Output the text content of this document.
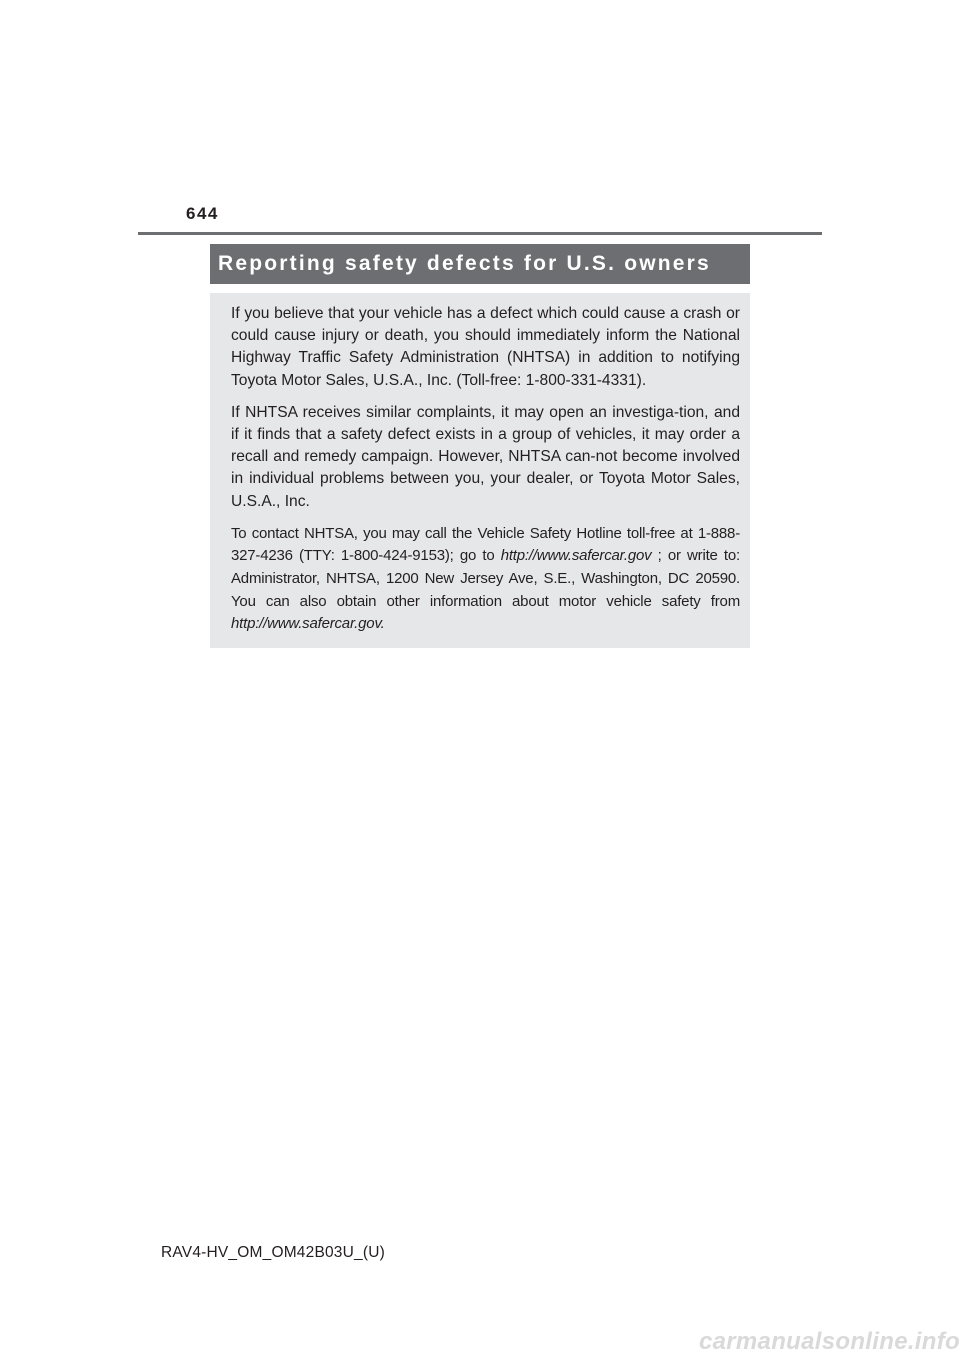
644
Reporting safety defects for U.S. owners

If you believe that your vehicle has a defect which could cause a crash or could cause injury or death, you should immediately inform the National Highway Traffic Safety Administration (NHTSA) in addition to notifying Toyota Motor Sales, U.S.A., Inc. (Toll-free: 1-800-331-4331).

If NHTSA receives similar complaints, it may open an investiga-tion, and if it finds that a safety defect exists in a group of vehicles, it may order a recall and remedy campaign. However, NHTSA can-not become involved in individual problems between you, your dealer, or Toyota Motor Sales, U.S.A., Inc.

To contact NHTSA, you may call the Vehicle Safety Hotline toll-free at 1-888-327-4236 (TTY: 1-800-424-9153); go to http://www.safercar.gov ; or write to: Administrator, NHTSA, 1200 New Jersey Ave, S.E., Washington, DC 20590. You can also obtain other information about motor vehicle safety from http://www.safercar.gov.

RAV4-HV_OM_OM42B03U_(U)
carmanualsonline.info
